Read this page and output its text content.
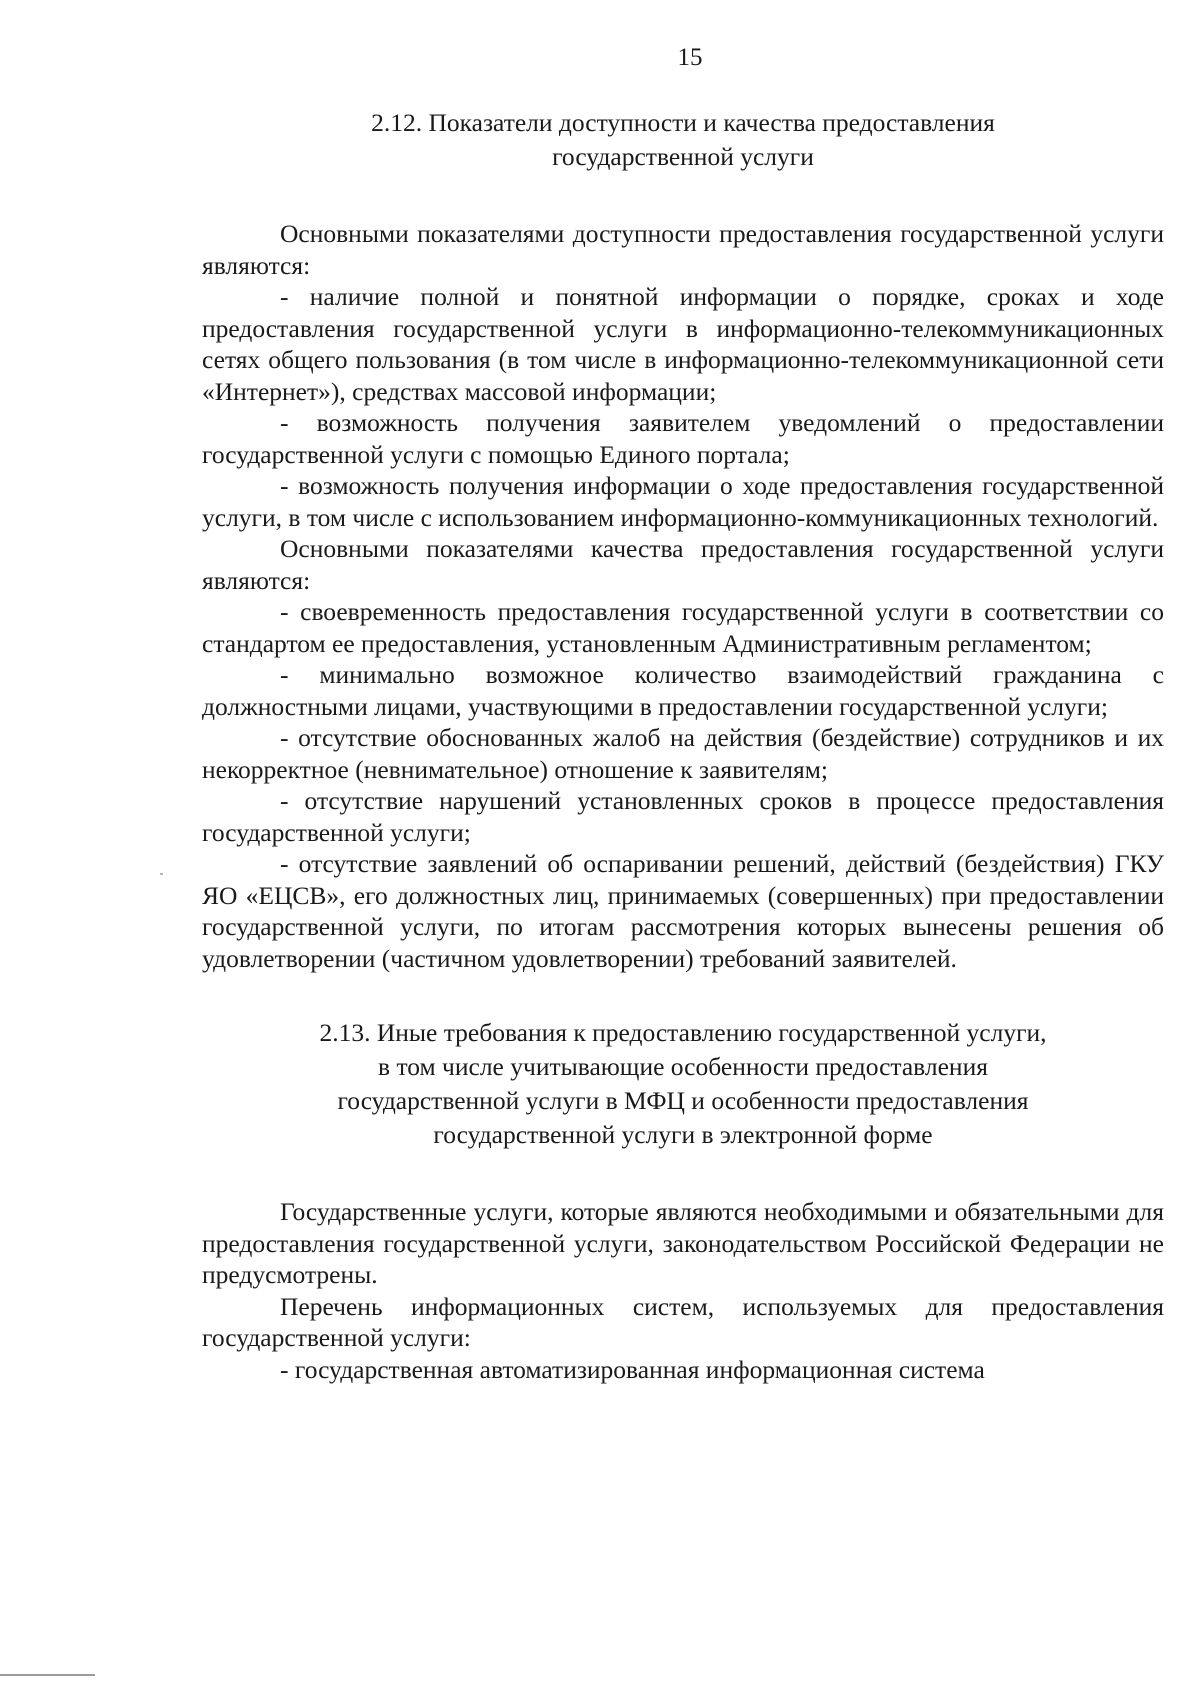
15
2.12. Показатели доступности и качества предоставления
государственной услуги

Основными показателями доступности предоставления государственной услуги являются:

- наличие полной и понятной информации о порядке, сроках и ходе предоставления государственной услуги в информационно-телекоммуникационных сетях общего пользования (в том числе в информационно-телекоммуникационной сети «Интернет»), средствах массовой информации;

- возможность получения заявителем уведомлений о предоставлении государственной услуги с помощью Единого портала;

- возможность получения информации о ходе предоставления государственной услуги, в том числе с использованием информационно-коммуникационных технологий.

Основными показателями качества предоставления государственной услуги являются:

- своевременность предоставления государственной услуги в соответствии со стандартом ее предоставления, установленным Административным регламентом;

- минимально возможное количество взаимодействий гражданина с должностными лицами, участвующими в предоставлении государственной услуги;

- отсутствие обоснованных жалоб на действия (бездействие) сотрудников и их некорректное (невнимательное) отношение к заявителям;

- отсутствие нарушений установленных сроков в процессе предоставления государственной услуги;

- отсутствие заявлений об оспаривании решений, действий (бездействия) ГКУ ЯО «ЕЦСВ», его должностных лиц, принимаемых (совершенных) при предоставлении государственной услуги, по итогам рассмотрения которых вынесены решения об удовлетворении (частичном удовлетворении) требований заявителей.

2.13. Иные требования к предоставлению государственной услуги,
в том числе учитывающие особенности предоставления
государственной услуги в МФЦ и особенности предоставления
государственной услуги в электронной форме

Государственные услуги, которые являются необходимыми и обязательными для предоставления государственной услуги, законодательством Российской Федерации не предусмотрены.

Перечень информационных систем, используемых для предоставления государственной услуги:

- государственная автоматизированная информационная система
